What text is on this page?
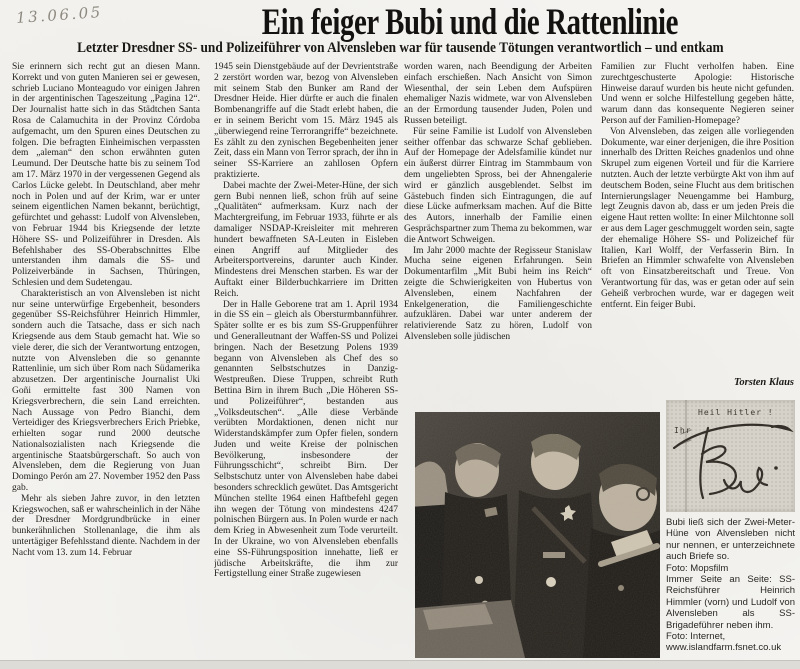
13.06.05	Ein feiger Bubi und die Rattenlinie
Letzter Dresdner SS- und Polizeiführer von Alvensleben war für tausende Tötungen verantwortlich – und entkam

Sie erinnern sich recht gut an diesen Mann. Korrekt und von guten Manieren sei er gewesen, schrieb Luciano Monteagudo vor einigen Jahren in der argentinischen Tageszeitung „Pagina 12“. Der Journalist hatte sich in das Städtchen Santa Rosa de Calamuchita in der Provinz Córdoba aufgemacht, um den Spuren eines Deutschen zu folgen. Die befragten Einheimischen verpassten dem „aleman“ den schon erwähnten guten Leumund. Der Deutsche hatte bis zu seinem Tod am 17. März 1970 in der vergessenen Gegend als Carlos Lücke gelebt. In Deutschland, aber mehr noch in Polen und auf der Krim, war er unter seinem eigentlichen Namen bekannt, berüchtigt, gefürchtet und gehasst: Ludolf von Alvensleben, von Februar 1944 bis Kriegsende der letzte Höhere SS- und Polizeiführer in Dresden. Als Befehlshaber des SS-Oberabschnittes Elbe unterstanden ihm damals die SS- und Polizeiverbände in Sachsen, Thüringen, Schlesien und dem Sudetengau.

Charakteristisch an von Alvensleben ist nicht nur seine unterwürfige Ergebenheit, besonders gegenüber SS-Reichsführer Heinrich Himmler, sondern auch die Tatsache, dass er sich nach Kriegsende aus dem Staub gemacht hat. Wie so viele derer, die sich der Verantwortung entzogen, nutzte von Alvensleben die so genannte Rattenlinie, um sich über Rom nach Südamerika abzusetzen. Der argentinische Journalist Uki Goñi ermittelte fast 300 Namen von Kriegsverbrechern, die sein Land erreichten. Nach Aussage von Pedro Bianchi, dem Verteidiger des Kriegsverbrechers Erich Priebke, erhielten sogar rund 2000 deutsche Nationalsozialisten nach Kriegsende die argentinische Staatsbürgerschaft. So auch von Alvensleben, dem die Regierung von Juan Domingo Perón am 27. November 1952 den Pass gab.

Mehr als sieben Jahre zuvor, in den letzten Kriegswochen, saß er wahrscheinlich in der Nähe der Dresdner Mordgrundbrücke in einer bunkerähnlichen Stollenanlage, die ihm als untertägiger Befehlsstand diente. Nachdem in der Nacht vom 13. zum 14. Februar

1945 sein Dienstgebäude auf der Devrientstraße 2 zerstört worden war, bezog von Alvensleben mit seinem Stab den Bunker am Rand der Dresdner Heide. Hier dürfte er auch die finalen Bombenangriffe auf die Stadt erlebt haben, die er in seinem Bericht vom 15. März 1945 als „überwiegend reine Terrorangriffe“ bezeichnete. Es zählt zu den zynischen Begebenheiten jener Zeit, dass ein Mann von Terror sprach, der ihn in seiner SS-Karriere an zahllosen Opfern praktizierte.

Dabei machte der Zwei-Meter-Hüne, der sich gern Bubi nennen ließ, schon früh auf seine „Qualitäten“ aufmerksam. Kurz nach der Machtergreifung, im Februar 1933, führte er als damaliger NSDAP-Kreisleiter mit mehreren hundert bewaffneten SA-Leuten in Eisleben einen Angriff auf Mitglieder des Arbeitersportvereins, darunter auch Kinder. Mindestens drei Menschen starben. Es war der Auftakt einer Bilderbuchkarriere im Dritten Reich.

Der in Halle Geborene trat am 1. April 1934 in die SS ein – gleich als Obersturmbannführer. Später sollte er es bis zum SS-Gruppenführer und Generalleutnant der Waffen-SS und Polizei bringen. Nach der Besetzung Polens 1939 begann von Alvensleben als Chef des so genannten Selbstschutzes in Danzig-Westpreußen. Diese Truppen, schreibt Ruth Bettina Birn in ihrem Buch „Die Höheren SS- und Polizeiführer“, bestanden aus „Volksdeutschen“. „Alle diese Verbände verübten Mordaktionen, denen nicht nur Widerstandskämpfer zum Opfer fielen, sondern Juden und weite Kreise der polnischen Bevölkerung, insbesondere der Führungsschicht“, schreibt Birn. Der Selbstschutz unter von Alvensleben habe dabei besonders schrecklich gewütet. Das Amtsgericht München stellte 1964 einen Haftbefehl gegen ihn wegen der Tötung von mindestens 4247 polnischen Bürgern aus. In Polen wurde er nach dem Krieg in Abwesenheit zum Tode verurteilt. In der Ukraine, wo von Alvensleben ebenfalls eine SS-Führungsposition innehatte, ließ er jüdische Arbeitskräfte, die ihm zur Fertigstellung einer Straße zugewiesen

worden waren, nach Beendigung der Arbeiten einfach erschießen. Nach Ansicht von Simon Wiesenthal, der sein Leben dem Aufspüren ehemaliger Nazis widmete, war von Alvensleben an der Ermordung tausender Juden, Polen und Russen beteiligt.

Für seine Familie ist Ludolf von Alvensleben seither offenbar das schwarze Schaf geblieben. Auf der Homepage der Adelsfamilie kündet nur ein äußerst dürrer Eintrag im Stammbaum von dem ungeliebten Spross, bei der Ahnengalerie wird er gänzlich ausgeblendet. Selbst im Gästebuch finden sich Eintragungen, die auf diese Lücke aufmerksam machen. Auf die Bitte des Autors, innerhalb der Familie einen Gesprächspartner zum Thema zu bekommen, war die Antwort Schweigen.

Im Jahr 2000 machte der Regisseur Stanislaw Mucha seine eigenen Erfahrungen. Sein Dokumentarfilm „Mit Bubi heim ins Reich“ zeigte die Schwierigkeiten von Hubertus von Alvensleben, einem Nachfahren der Enkelgeneration, die Familiengeschichte aufzuklären. Dabei war unter anderem der relativierende Satz zu hören, Ludolf von Alvensleben solle jüdischen

Familien zur Flucht verholfen haben. Eine zurechtgeschusterte Apologie: Historische Hinweise darauf wurden bis heute nicht gefunden. Und wenn er solche Hilfestellung gegeben hätte, warum dann das konsequente Negieren seiner Person auf der Familien-Homepage?

Von Alvensleben, das zeigen alle vorliegenden Dokumente, war einer derjenigen, die ihre Position innerhalb des Dritten Reiches gnadenlos und ohne Skrupel zum eigenen Vorteil und für die Karriere nutzten. Auch der letzte verbürgte Akt von ihm auf deutschem Boden, seine Flucht aus dem britischen Internierungslager Neuengamme bei Hamburg, legt Zeugnis davon ab, dass er um jeden Preis die eigene Haut retten wollte: In einer Milchtonne soll er aus dem Lager geschmuggelt worden sein, sagte der ehemalige Höhere SS- und Polizeichef für Italien, Karl Wolff, der Verfasserin Birn. In Briefen an Himmler schwafelte von Alvensleben oft von Einsatzbereitschaft und Treue. Von Verantwortung für das, was er getan oder auf sein Geheiß verbrochen wurde, war er dagegen weit entfernt. Ein feiger Bubi.

Torsten Klaus
Heil Hitler !
Ihr

Bubi ließ sich der Zwei-Meter-Hüne von Alvensleben nicht nur nennen, er unterzeichnete auch Briefe so.

Foto: Mopsfilm

Immer Seite an Seite: SS-Reichsführer Heinrich Himmler (vorn) und Ludolf von Alvensleben als SS-Brigadeführer neben ihm.

Foto: Internet, www.islandfarm.fsnet.co.uk
